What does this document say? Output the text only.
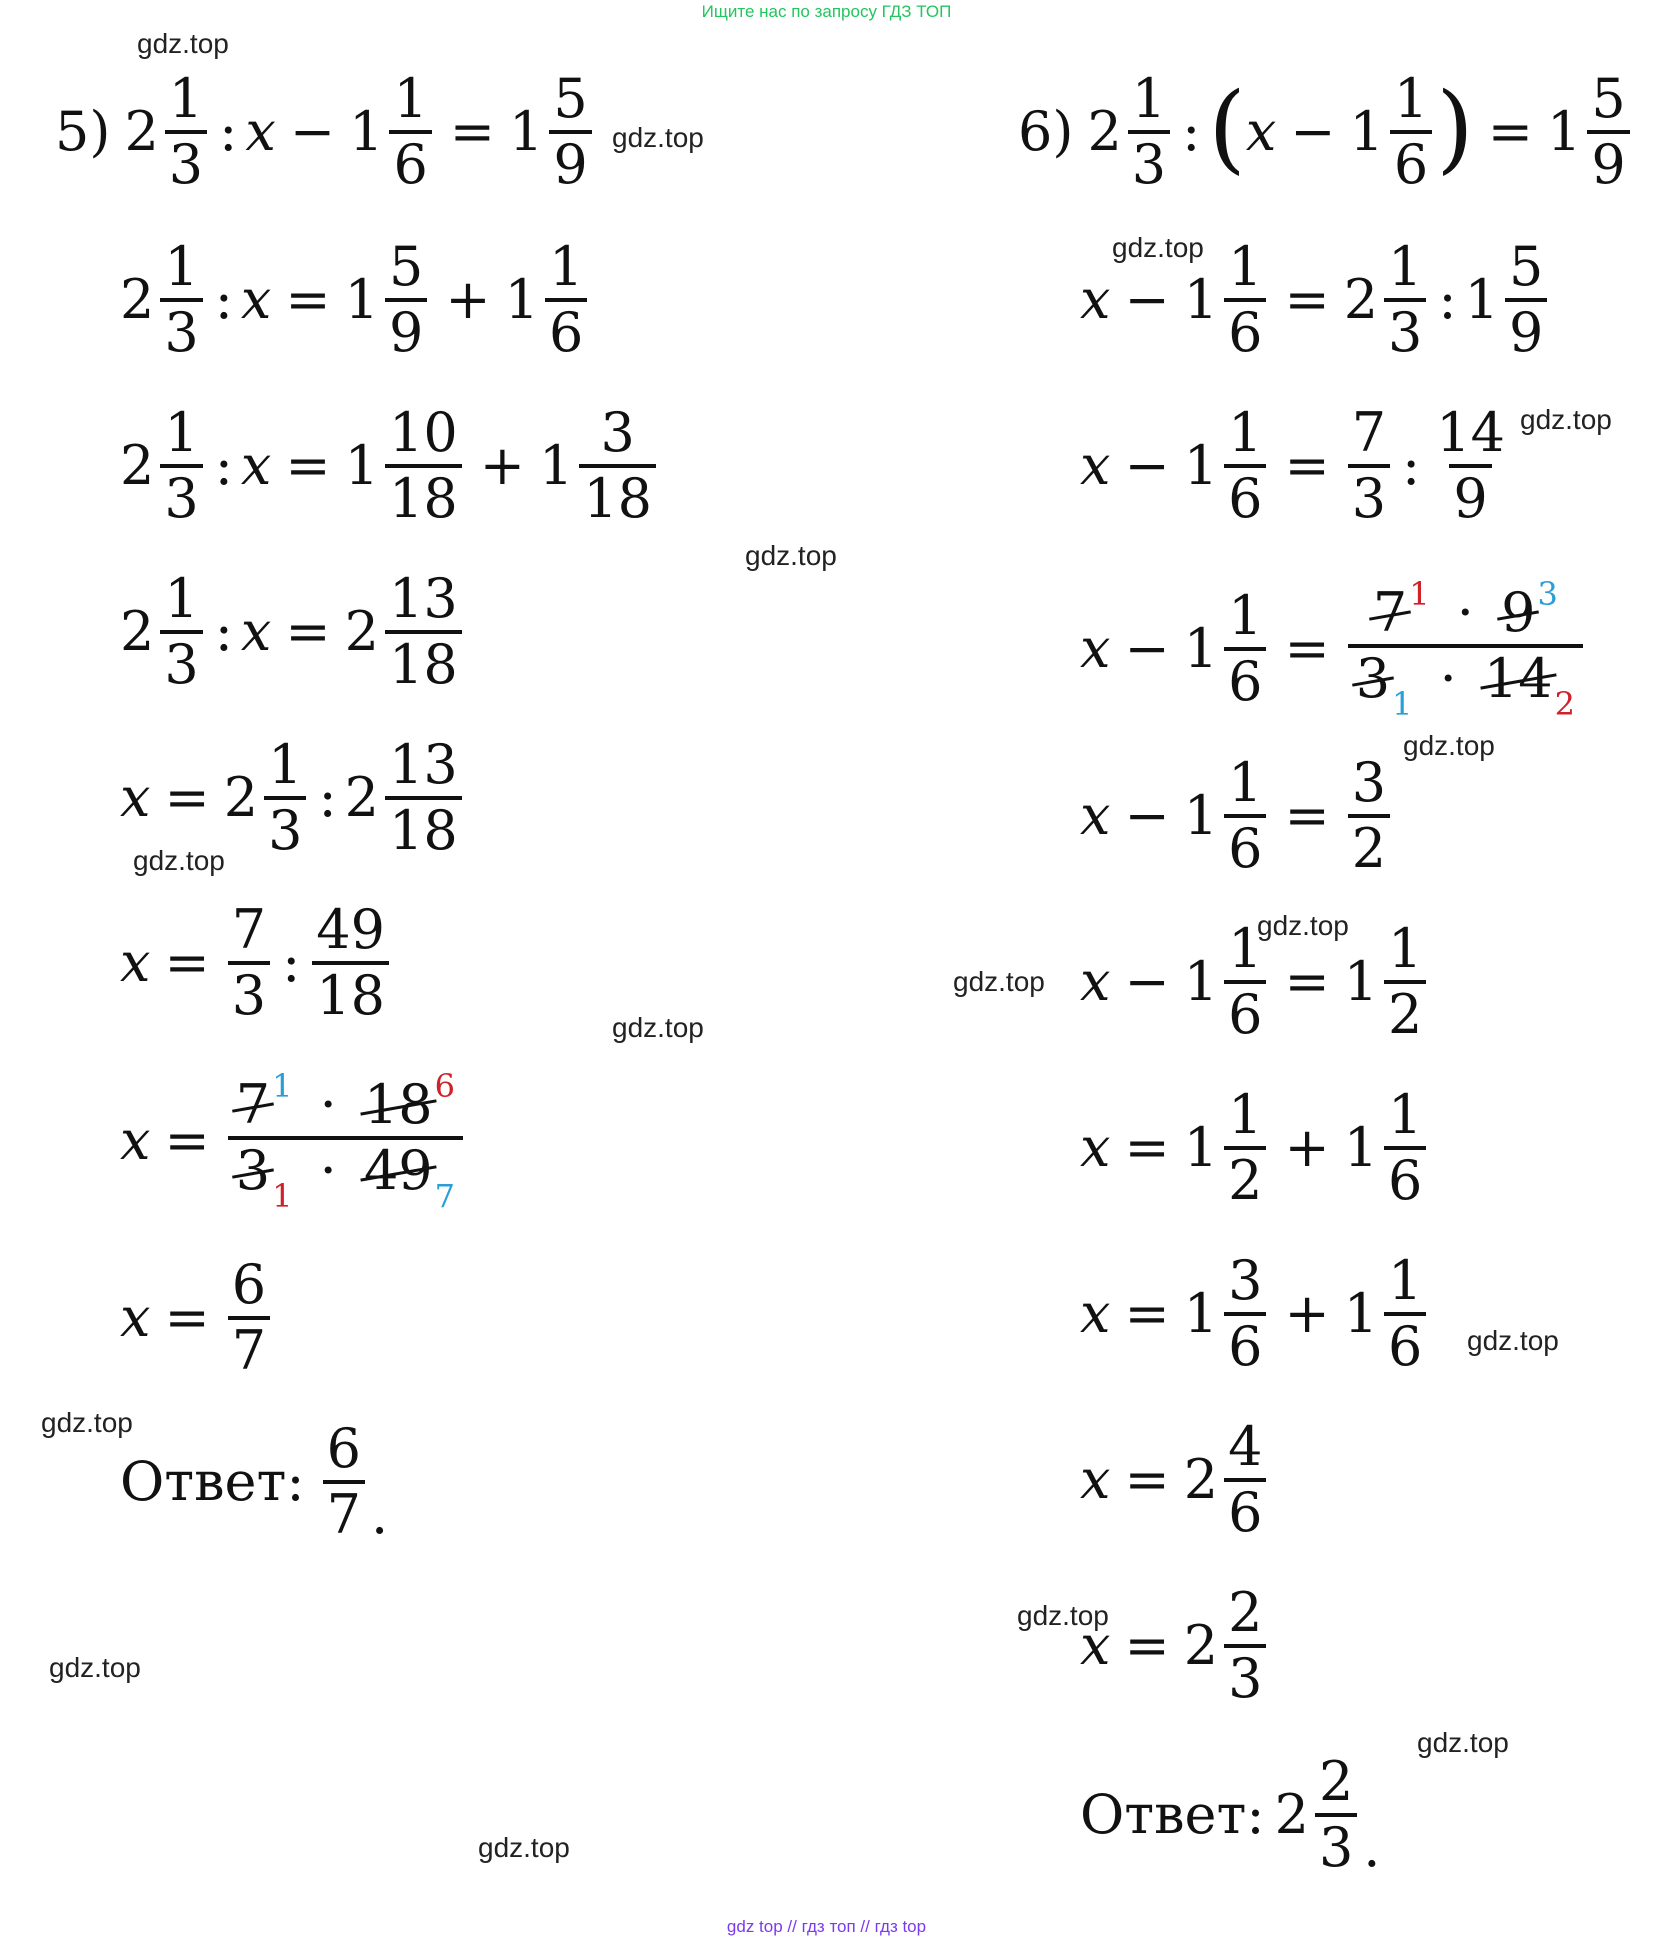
Ищите нас по запросу ГДЗ ТОП
gdz.top
gdz.top
gdz.top
gdz.top
gdz.top
gdz.top
gdz.top
gdz.top
gdz.top
gdz.top
gdz.top
gdz.top
gdz.top
gdz.top
gdz.top
gdz.top
5) $2 \frac{1}{3}$ : $x - 1 \frac{1}{6} = 1 \frac{5}{9}$
$2 \frac{1}{3}$ : $x = 1 \frac{5}{9} + 1 \frac{1}{6}$
$2 \frac{1}{3}$ : $x = 1 \frac{10}{18} + 1 \frac{3}{18}$
$2 \frac{1}{3}$ : $x = 2 \frac{13}{18}$
$x = 2 \frac{1}{3}$ : $2 \frac{13}{18}$
$x = \frac{7}{3}$ : $\frac{49}{18}$
$x = \frac{7^1 \cdot 18^6}{3_1 \cdot 49_7}$
$x = \frac{6}{7}$
Ответ: $\frac{6}{7}$ .
6) $2 \frac{1}{3}$ : ( $x - 1 \frac{1}{6}$ ) = $1 \frac{5}{9}$
$x - 1 \frac{1}{6} = 2 \frac{1}{3}$ : $1 \frac{5}{9}$
$x - 1 \frac{1}{6} = \frac{7}{3}$ : $\frac{14}{9}$
$x - 1 \frac{1}{6} = \frac{7^1 \cdot 9^3}{3_1 \cdot 14_2}$
$x - 1 \frac{1}{6} = \frac{3}{2}$
$x - 1 \frac{1}{6} = 1 \frac{1}{2}$
$x = 1 \frac{1}{2} + 1 \frac{1}{6}$
$x = 1 \frac{3}{6} + 1 \frac{1}{6}$
$x = 2 \frac{4}{6}$
$x = 2 \frac{2}{3}$
Ответ: $2 \frac{2}{3}$ .
gdz top // гдз топ // гдз top
